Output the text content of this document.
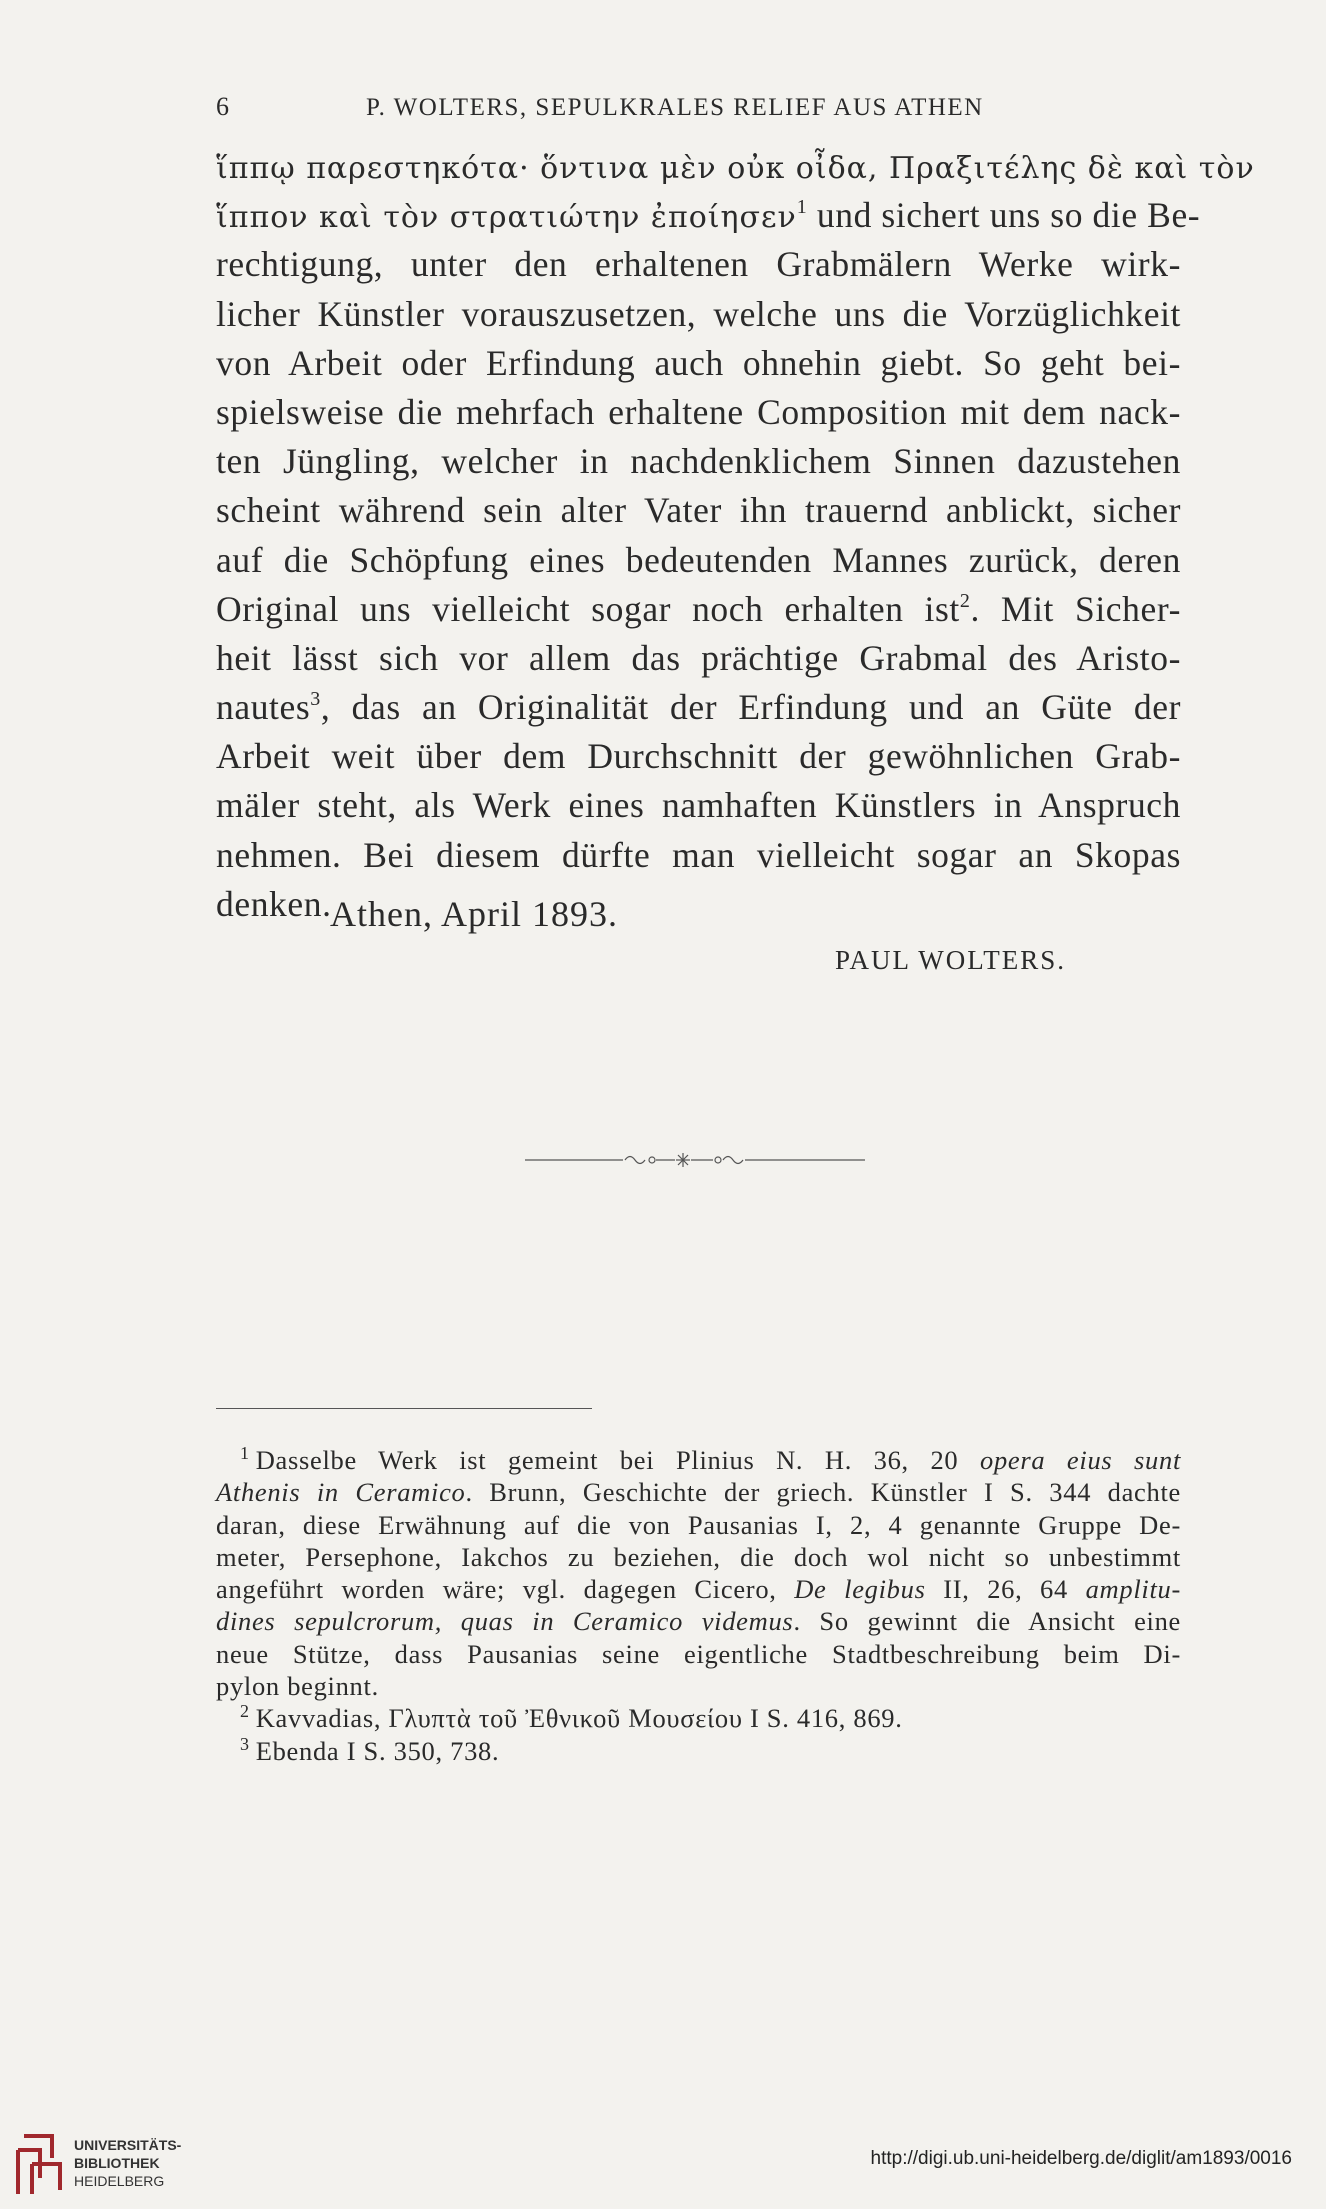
6	P. WOLTERS, SEPULKRALES RELIEF AUS ATHEN
ἵππῳ παρεστηκότα· ὅντινα μὲν οὐκ οἶδα, Πραξιτέλης δὲ καὶ τὸν
ἵππον καὶ τὸν στρατιώτην ἐποίησεν$^1$ und sichert uns so die Be-
rechtigung, unter den erhaltenen Grabmälern Werke wirk-
licher Künstler vorauszusetzen, welche uns die Vorzüglichkeit
von Arbeit oder Erfindung auch ohnehin giebt. So geht bei-
spielsweise die mehrfach erhaltene Composition mit dem nack-
ten Jüngling, welcher in nachdenklichem Sinnen dazustehen
scheint während sein alter Vater ihn trauernd anblickt, sicher
auf die Schöpfung eines bedeutenden Mannes zurück, deren
Original uns vielleicht sogar noch erhalten ist$^2$. Mit Sicher-
heit lässt sich vor allem das prächtige Grabmal des Aristo-
nautes$^3$, das an Originalität der Erfindung und an Güte der
Arbeit weit über dem Durchschnitt der gewöhnlichen Grab-
mäler steht, als Werk eines namhaften Künstlers in Anspruch
nehmen. Bei diesem dürfte man vielleicht sogar an Skopas
denken.
Athen, April 1893.
PAUL WOLTERS.
$^1$ Dasselbe Werk ist gemeint bei Plinius N. H. 36, 20 opera eius sunt
Athenis in Ceramico. Brunn, Geschichte der griech. Künstler I S. 344 dachte
daran, diese Erwähnung auf die von Pausanias I, 2, 4 genannte Gruppe De-
meter, Persephone, Iakchos zu beziehen, die doch wol nicht so unbestimmt
angeführt worden wäre; vgl. dagegen Cicero, De legibus II, 26, 64 amplitu-
dines sepulcrorum, quas in Ceramico videmus. So gewinnt die Ansicht eine
neue Stütze, dass Pausanias seine eigentliche Stadtbeschreibung beim Di-
pylon beginnt.
$^2$ Kavvadias, Γλυπτὰ τοῦ Ἐθνικοῦ Μουσείου I S. 416, 869.
$^3$ Ebenda I S. 350, 738.
UNIVERSITÄTS-
BIBLIOTHEK
HEIDELBERG
http://digi.ub.uni-heidelberg.de/diglit/am1893/0016
